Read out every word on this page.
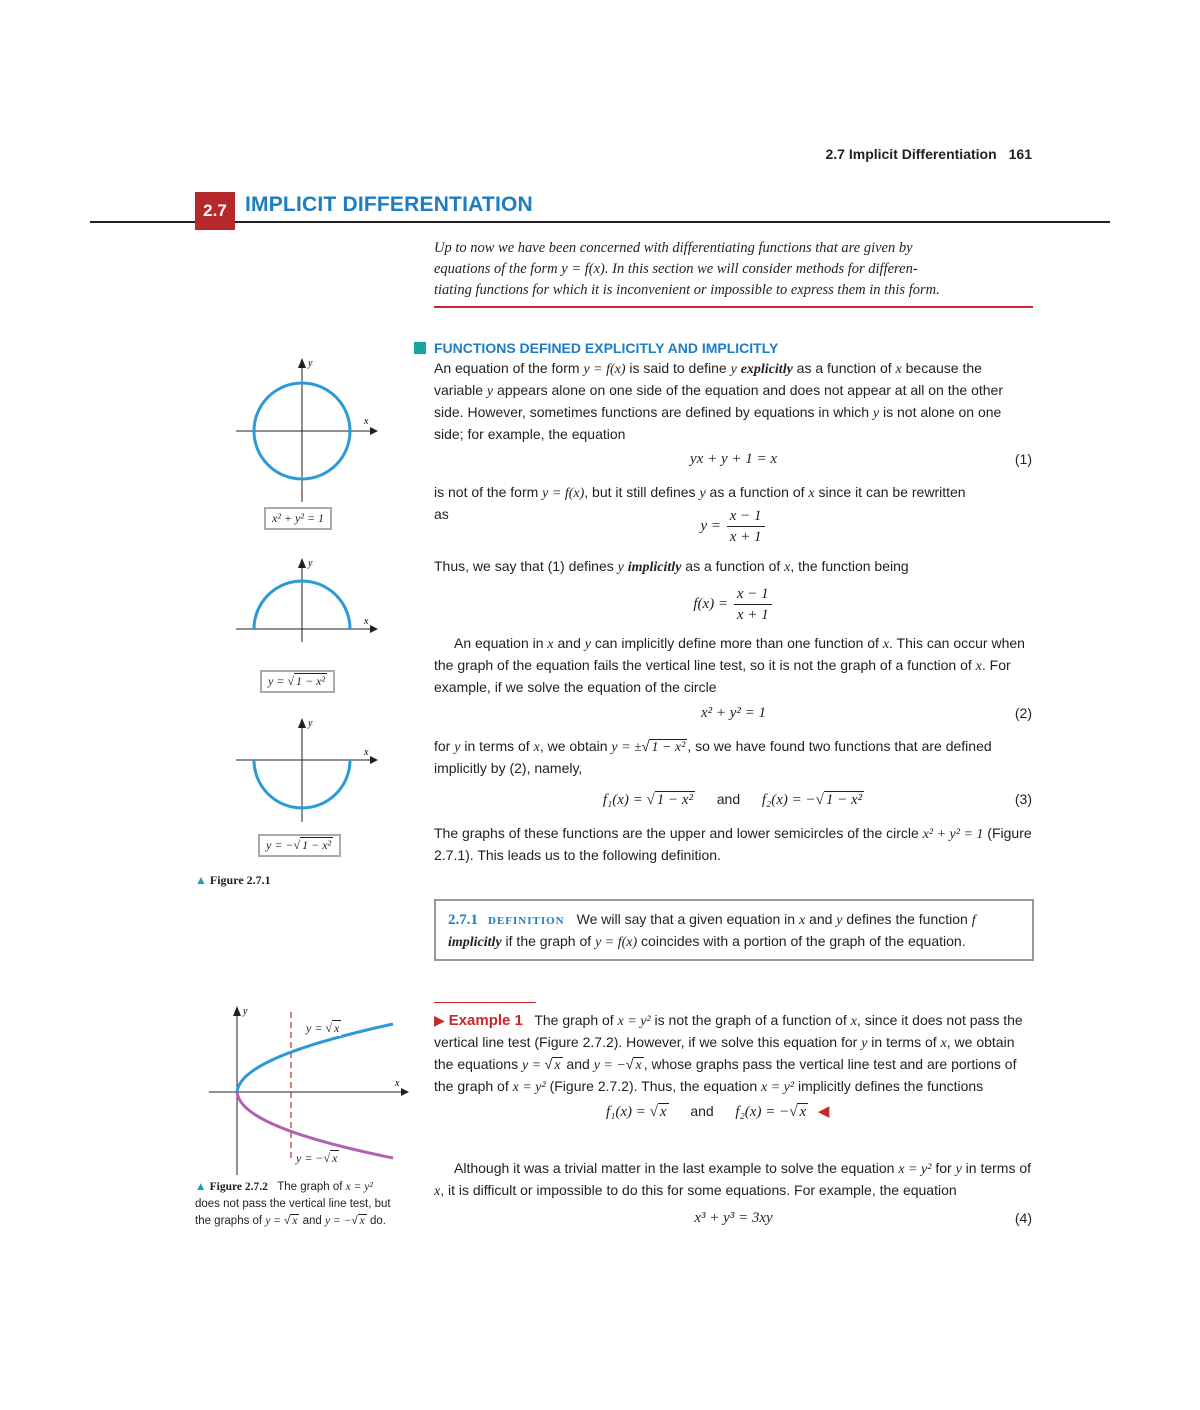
2.7 Implicit Differentiation 161
2.7 IMPLICIT DIFFERENTIATION
Up to now we have been concerned with differentiating functions that are given by
equations of the form y = f(x). In this section we will consider methods for differen-
tiating functions for which it is inconvenient or impossible to express them in this form.
FUNCTIONS DEFINED EXPLICITLY AND IMPLICITLY
An equation of the form y = f(x) is said to define y explicitly as a function of x because the variable y appears alone on one side of the equation and does not appear at all on the other side. However, sometimes functions are defined by equations in which y is not alone on one side; for example, the equation
yx + y + 1 = x	(1)
is not of the form y = f(x), but it still defines y as a function of x since it can be rewritten
as
$y = \frac{x - 1}{x + 1}$
Thus, we say that (1) defines y implicitly as a function of x, the function being
$f(x) = \frac{x - 1}{x + 1}$
An equation in x and y can implicitly define more than one function of x. This can occur when the graph of the equation fails the vertical line test, so it is not the graph of a function of x. For example, if we solve the equation of the circle
x² + y² = 1	(2)
for y in terms of x, we obtain y = ±√ 1 − x² , so we have found two functions that are defined implicitly by (2), namely,
f₁(x) = √ 1 − x² and f₂(x) = −√ 1 − x²	(3)
The graphs of these functions are the upper and lower semicircles of the circle x² + y² = 1 (Figure 2.7.1). This leads us to the following definition.
2.7.1 DEFINITION We will say that a given equation in x and y defines the function f
implicitly if the graph of y = f(x) coincides with a portion of the graph of the equation.
▶ Example 1 The graph of x = y² is not the graph of a function of x, since it does not pass the vertical line test (Figure 2.7.2). However, if we solve this equation for y in terms of x, we obtain the equations y = √ x and y = −√ x , whose graphs pass the vertical line test and are portions of the graph of x = y² (Figure 2.7.2). Thus, the equation x = y² implicitly defines the functions
f₁(x) = √ x and f₂(x) = −√ x ◀
Although it was a trivial matter in the last example to solve the equation x = y² for y in terms of x, it is difficult or impossible to do this for some equations. For example, the equation
x³ + y³ = 3xy	(4)
x
y
x² + y² = 1
x
y
y = √ 1 − x²
x
y
y = −√ 1 − x²
▲ Figure 2.7.1
x
y
y = √ x
y = −√ x
▲ Figure 2.7.2 The graph of x = y²
does not pass the vertical line test, but
the graphs of y = √ x and y = −√ x do.
